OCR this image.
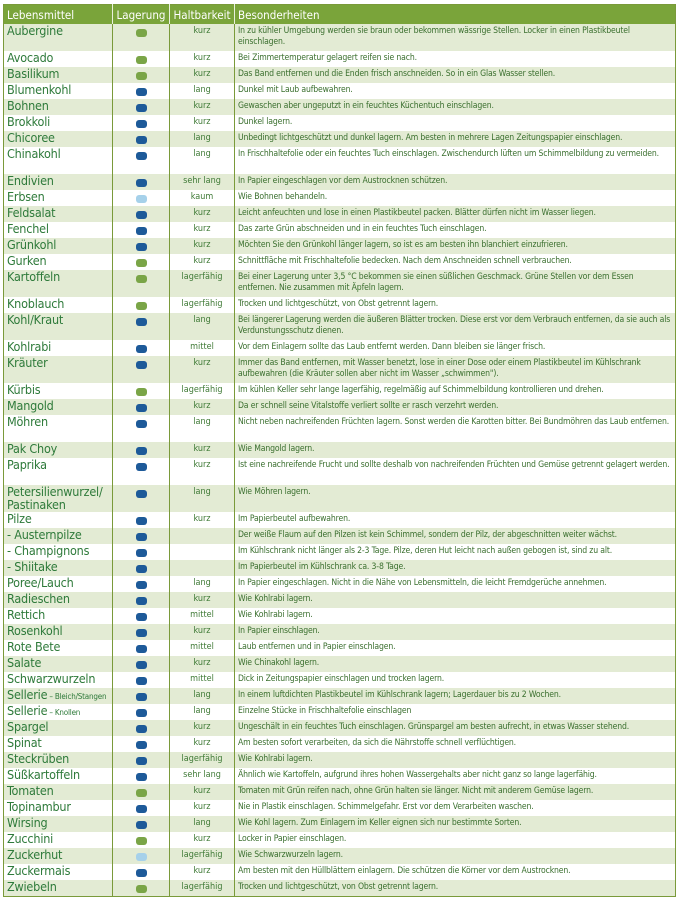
Lebensmittel	Lagerung	Haltbarkeit	Besonderheiten
Aubergine		kurz	In zu kühler Umgebung werden sie braun oder bekommen wässrige Stellen. Locker in einen Plastikbeutel einschlagen.
Avocado		kurz	Bei Zimmertemperatur gelagert reifen sie nach.
Basilikum		kurz	Das Band entfernen und die Enden frisch anschneiden. So in ein Glas Wasser stellen.
Blumenkohl		lang	Dunkel mit Laub aufbewahren.
Bohnen		kurz	Gewaschen aber ungeputzt in ein feuchtes Küchentuch einschlagen.
Brokkoli		kurz	Dunkel lagern.
Chicoree		lang	Unbedingt lichtgeschützt und dunkel lagern. Am besten in mehrere Lagen Zeitungspapier einschlagen.
Chinakohl		lang	In Frischhaltefolie oder ein feuchtes Tuch einschlagen. Zwischendurch lüften um Schimmelbildung zu vermeiden.
Endivien		sehr lang	In Papier eingeschlagen vor dem Austrocknen schützen.
Erbsen		kaum	Wie Bohnen behandeln.
Feldsalat		kurz	Leicht anfeuchten und lose in einen Plastikbeutel packen. Blätter dürfen nicht im Wasser liegen.
Fenchel		kurz	Das zarte Grün abschneiden und in ein feuchtes Tuch einschlagen.
Grünkohl		kurz	Möchten Sie den Grünkohl länger lagern, so ist es am besten ihn blanchiert einzufrieren.
Gurken		kurz	Schnittfläche mit Frischhaltefolie bedecken. Nach dem Anschneiden schnell verbrauchen.
Kartoffeln		lagerfähig	Bei einer Lagerung unter 3,5 °C bekommen sie einen süßlichen Geschmack. Grüne Stellen vor dem Essen entfernen. Nie zusammen mit Äpfeln lagern.
Knoblauch		lagerfähig	Trocken und lichtgeschützt, von Obst getrennt lagern.
Kohl/Kraut		lang	Bei längerer Lagerung werden die äußeren Blätter trocken. Diese erst vor dem Verbrauch entfernen, da sie auch als Verdunstungsschutz dienen.
Kohlrabi		mittel	Vor dem Einlagern sollte das Laub entfernt werden. Dann bleiben sie länger frisch.
Kräuter		kurz	Immer das Band entfernen, mit Wasser benetzt, lose in einer Dose oder einem Plastikbeutel im Kühlschrank aufbewahren (die Kräuter sollen aber nicht im Wasser „schwimmen").
Kürbis		lagerfähig	Im kühlen Keller sehr lange lagerfähig, regelmäßig auf Schimmelbildung kontrollieren und drehen.
Mangold		kurz	Da er schnell seine Vitalstoffe verliert sollte er rasch verzehrt werden.
Möhren		lang	Nicht neben nachreifenden Früchten lagern. Sonst werden die Karotten bitter. Bei Bundmöhren das Laub entfernen.
Pak Choy		kurz	Wie Mangold lagern.
Paprika		kurz	Ist eine nachreifende Frucht und sollte deshalb von nachreifenden Früchten und Gemüse getrennt gelagert werden.
Petersilienwurzel/ Pastinaken		lang	Wie Möhren lagern.
Pilze		kurz	Im Papierbeutel aufbewahren.
- Austernpilze			Der weiße Flaum auf den Pilzen ist kein Schimmel, sondern der Pilz, der abgeschnitten weiter wächst.
- Champignons			Im Kühlschrank nicht länger als 2-3 Tage. Pilze, deren Hut leicht nach außen gebogen ist, sind zu alt.
- Shiitake			Im Papierbeutel im Kühlschrank ca. 3-8 Tage.
Poree/Lauch		lang	In Papier eingeschlagen. Nicht in die Nähe von Lebensmitteln, die leicht Fremdgerüche annehmen.
Radieschen		kurz	Wie Kohlrabi lagern.
Rettich		mittel	Wie Kohlrabi lagern.
Rosenkohl		kurz	In Papier einschlagen.
Rote Bete		mittel	Laub entfernen und in Papier einschlagen.
Salate		kurz	Wie Chinakohl lagern.
Schwarzwurzeln		mittel	Dick in Zeitungspapier einschlagen und trocken lagern.
Sellerie – Bleich/Stangen		lang	In einem luftdichten Plastikbeutel im Kühlschrank lagern; Lagerdauer bis zu 2 Wochen.
Sellerie – Knollen		lang	Einzelne Stücke in Frischhaltefolie einschlagen
Spargel		kurz	Ungeschält in ein feuchtes Tuch einschlagen. Grünspargel am besten aufrecht, in etwas Wasser stehend.
Spinat		kurz	Am besten sofort verarbeiten, da sich die Nährstoffe schnell verflüchtigen.
Steckrüben		lagerfähig	Wie Kohlrabi lagern.
Süßkartoffeln		sehr lang	Ähnlich wie Kartoffeln, aufgrund ihres hohen Wassergehalts aber nicht ganz so lange lagerfähig.
Tomaten		kurz	Tomaten mit Grün reifen nach, ohne Grün halten sie länger. Nicht mit anderem Gemüse lagern.
Topinambur		kurz	Nie in Plastik einschlagen. Schimmelgefahr. Erst vor dem Verarbeiten waschen.
Wirsing		lang	Wie Kohl lagern. Zum Einlagern im Keller eignen sich nur bestimmte Sorten.
Zucchini		kurz	Locker in Papier einschlagen.
Zuckerhut		lagerfähig	Wie Schwarzwurzeln lagern.
Zuckermais		kurz	Am besten mit den Hüllblättern einlagern. Die schützen die Körner vor dem Austrocknen.
Zwiebeln		lagerfähig	Trocken und lichtgeschützt, von Obst getrennt lagern.
